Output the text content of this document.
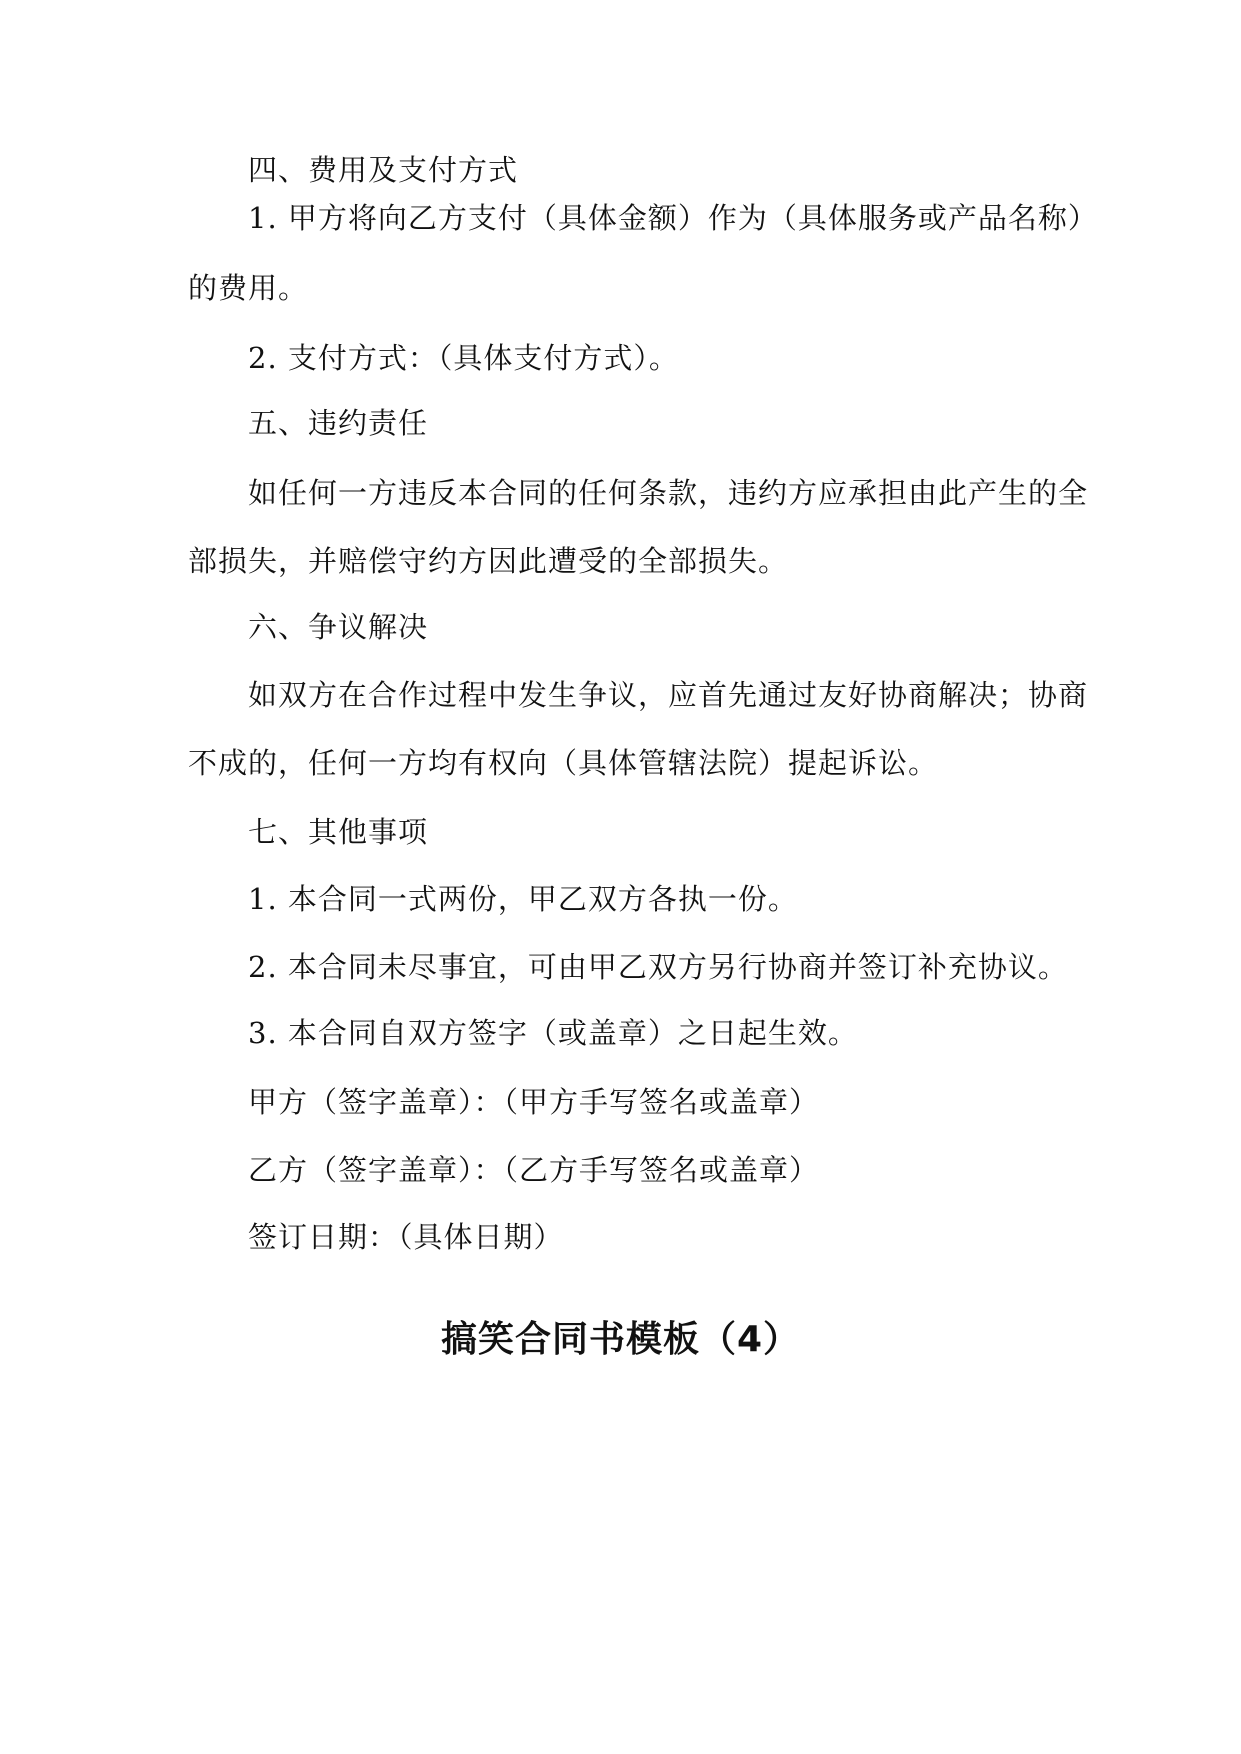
四、费用及支付方式
1. 甲方将向乙方支付（具体金额）作为（具体服务或产品名称）
的费用。
2. 支付方式：（具体支付方式）。
五、违约责任
如任何一方违反本合同的任何条款，违约方应承担由此产生的全
部损失，并赔偿守约方因此遭受的全部损失。
六、争议解决
如双方在合作过程中发生争议，应首先通过友好协商解决；协商
不成的，任何一方均有权向（具体管辖法院）提起诉讼。
七、其他事项
1. 本合同一式两份，甲乙双方各执一份。
2. 本合同未尽事宜，可由甲乙双方另行协商并签订补充协议。
3. 本合同自双方签字（或盖章）之日起生效。
甲方（签字盖章）：（甲方手写签名或盖章）
乙方（签字盖章）：（乙方手写签名或盖章）
签订日期：（具体日期）
搞笑合同书模板（4）
